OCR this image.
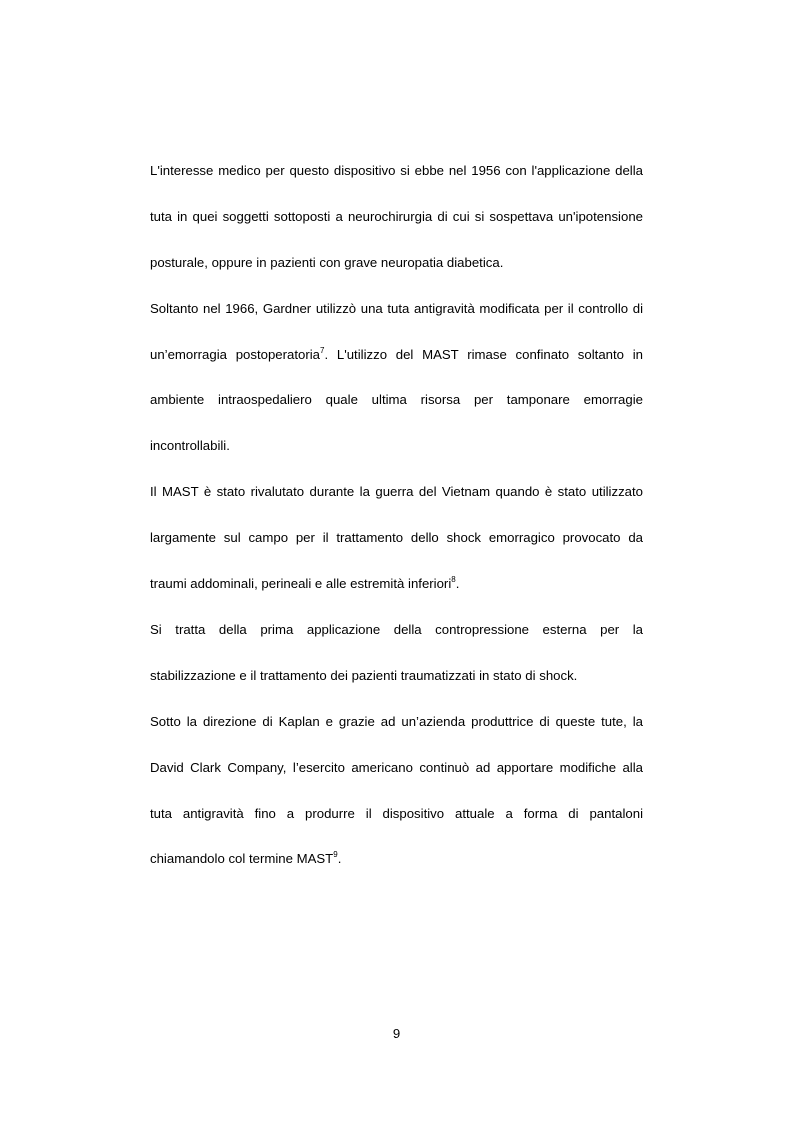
L'interesse medico per questo dispositivo si ebbe nel 1956 con l'applicazione della
tuta in quei soggetti sottoposti a neurochirurgia di cui si sospettava un'ipotensione
posturale, oppure in pazienti con grave neuropatia diabetica.

Soltanto nel 1966, Gardner utilizzò una tuta antigravità modificata per il controllo di
un’emorragia postoperatoria$^7$. L'utilizzo del MAST rimase confinato soltanto in
ambiente intraospedaliero quale ultima risorsa per tamponare emorragie
incontrollabili.

Il MAST è stato rivalutato durante la guerra del Vietnam quando è stato utilizzato
largamente sul campo per il trattamento dello shock emorragico provocato da
traumi addominali, perineali e alle estremità inferiori$^8$.

Si tratta della prima applicazione della contropressione esterna per la
stabilizzazione e il trattamento dei pazienti traumatizzati in stato di shock.

Sotto la direzione di Kaplan e grazie ad un’azienda produttrice di queste tute, la
David Clark Company, l’esercito americano continuò ad apportare modifiche alla
tuta antigravità fino a produrre il dispositivo attuale a forma di pantaloni
chiamandolo col termine MAST$^9$.

9
